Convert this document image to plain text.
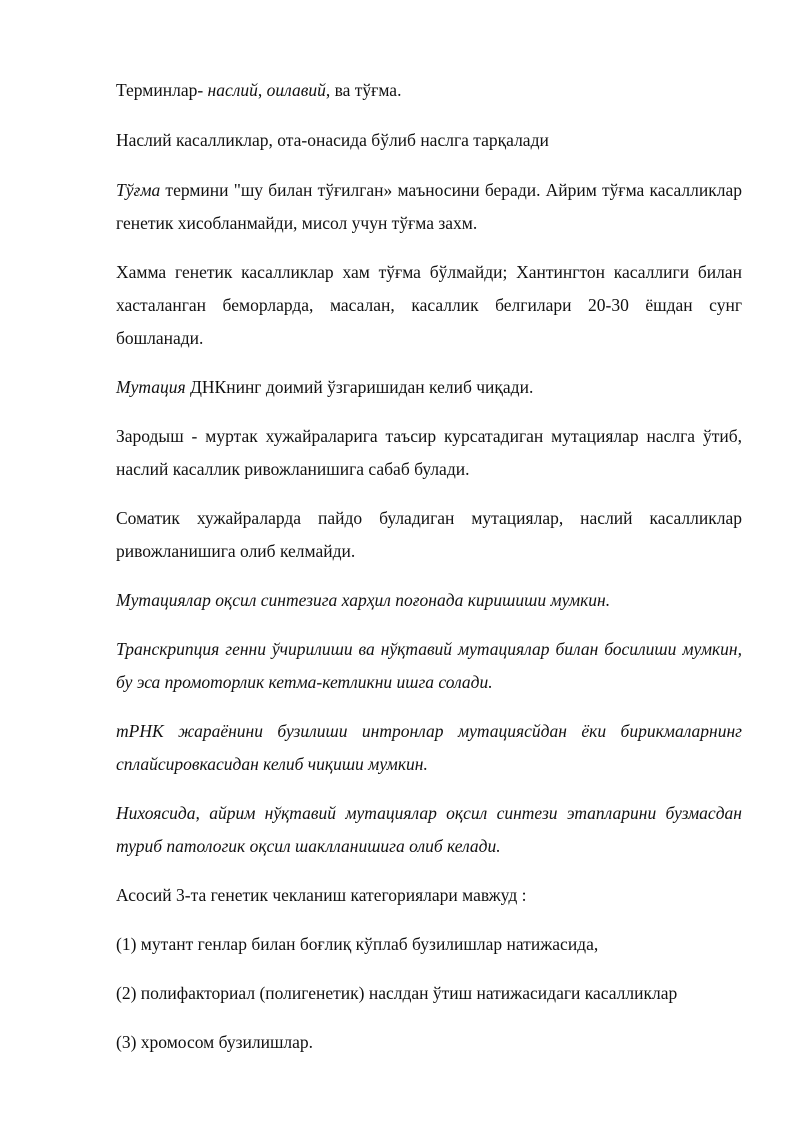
Терминлар- наслий, оилавий, ва тўғма.

Наслий касалликлар, ота-онасида бўлиб наслга тарқалади

Тўғма термини "шу билан тўғилган» маъносини беради. Айрим тўғма касалликлар генетик хисобланмайди, мисол учун тўғма захм.

Хамма генетик касалликлар хам тўғма бўлмайди; Хантингтон касаллиги билан хасталанган беморларда, масалан, касаллик белгилари 20-30 ёшдан сунг бошланади.

Мутация ДНКнинг доимий ўзгаришидан келиб чиқади.

Зародыш - муртак хужайраларига таъсир курсатадиган мутациялар наслга ўтиб, наслий касаллик ривожланишига сабаб булади.

Соматик хужайраларда пайдо буладиган мутациялар, наслий касалликлар ривожланишига олиб келмайди.

Мутациялар оқсил синтезига харҳил поғонада киришиши мумкин.

Транскрипция генни ўчирилиши ва нўқтавий мутациялар билан босилиши мумкин, бу эса промоторлик кетма-кетликни ишга солади.

тРНК жараёнини бузилиши интронлар мутациясйдан ёки бирикмаларнинг сплайсировкасидан келиб чиқиши мумкин.

Нихоясида, айрим нўқтавий мутациялар оқсил синтези этапларини бузмасдан туриб патологик оқсил шаклланишига олиб келади.

Асосий 3-та генетик чекланиш категориялари мавжуд :

(1) мутант генлар билан боғлиқ кўплаб бузилишлар натижасида,

(2) полифакториал (полигенетик) наслдан ўтиш натижасидаги касалликлар

(3) хромосом бузилишлар.
